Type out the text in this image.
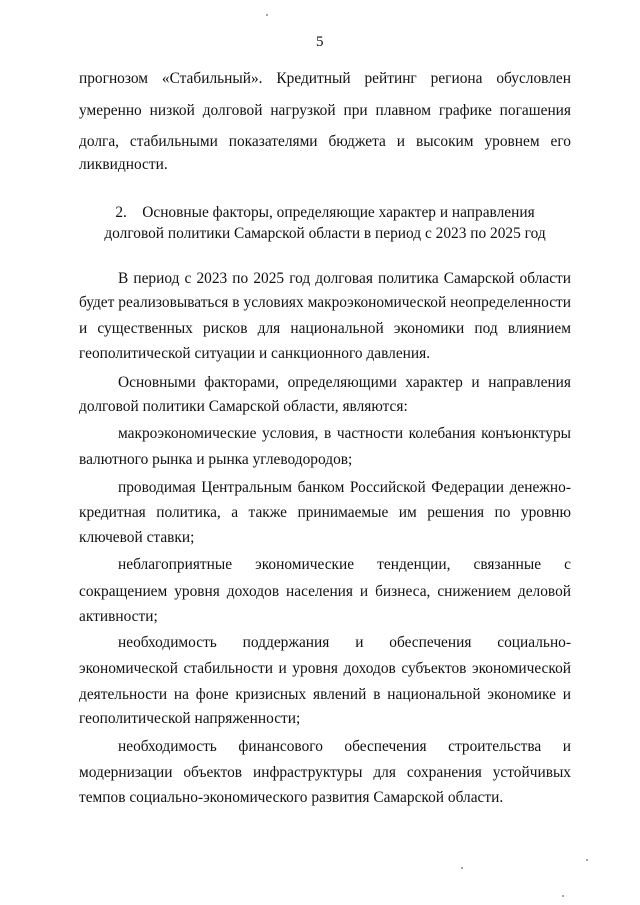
5
прогнозом «Стабильный». Кредитный рейтинг региона обусловлен
умеренно низкой долговой нагрузкой при плавном графике погашения
долга, стабильными показателями бюджета и высоким уровнем его
ликвидности.
2.    Основные факторы, определяющие характер и направления
долговой политики Самарской области в период с 2023 по 2025 год
В период с 2023 по 2025 год долговая политика Самарской области
будет реализовываться в условиях макроэкономической неопределенности
и существенных рисков для национальной экономики под влиянием
геополитической ситуации и санкционного давления.
Основными факторами, определяющими характер и направления
долговой политики Самарской области, являются:
макроэкономические условия, в частности колебания конъюнктуры
валютного рынка и рынка углеводородов;
проводимая Центральным банком Российской Федерации денежно-
кредитная политика, а также принимаемые им решения по уровню
ключевой ставки;
неблагоприятные экономические тенденции, связанные с
сокращением уровня доходов населения и бизнеса, снижением деловой
активности;
необходимость поддержания и обеспечения социально-
экономической стабильности и уровня доходов субъектов экономической
деятельности на фоне кризисных явлений в национальной экономике и
геополитической напряженности;
необходимость финансового обеспечения строительства и
модернизации объектов инфраструктуры для сохранения устойчивых
темпов социально-экономического развития Самарской области.
